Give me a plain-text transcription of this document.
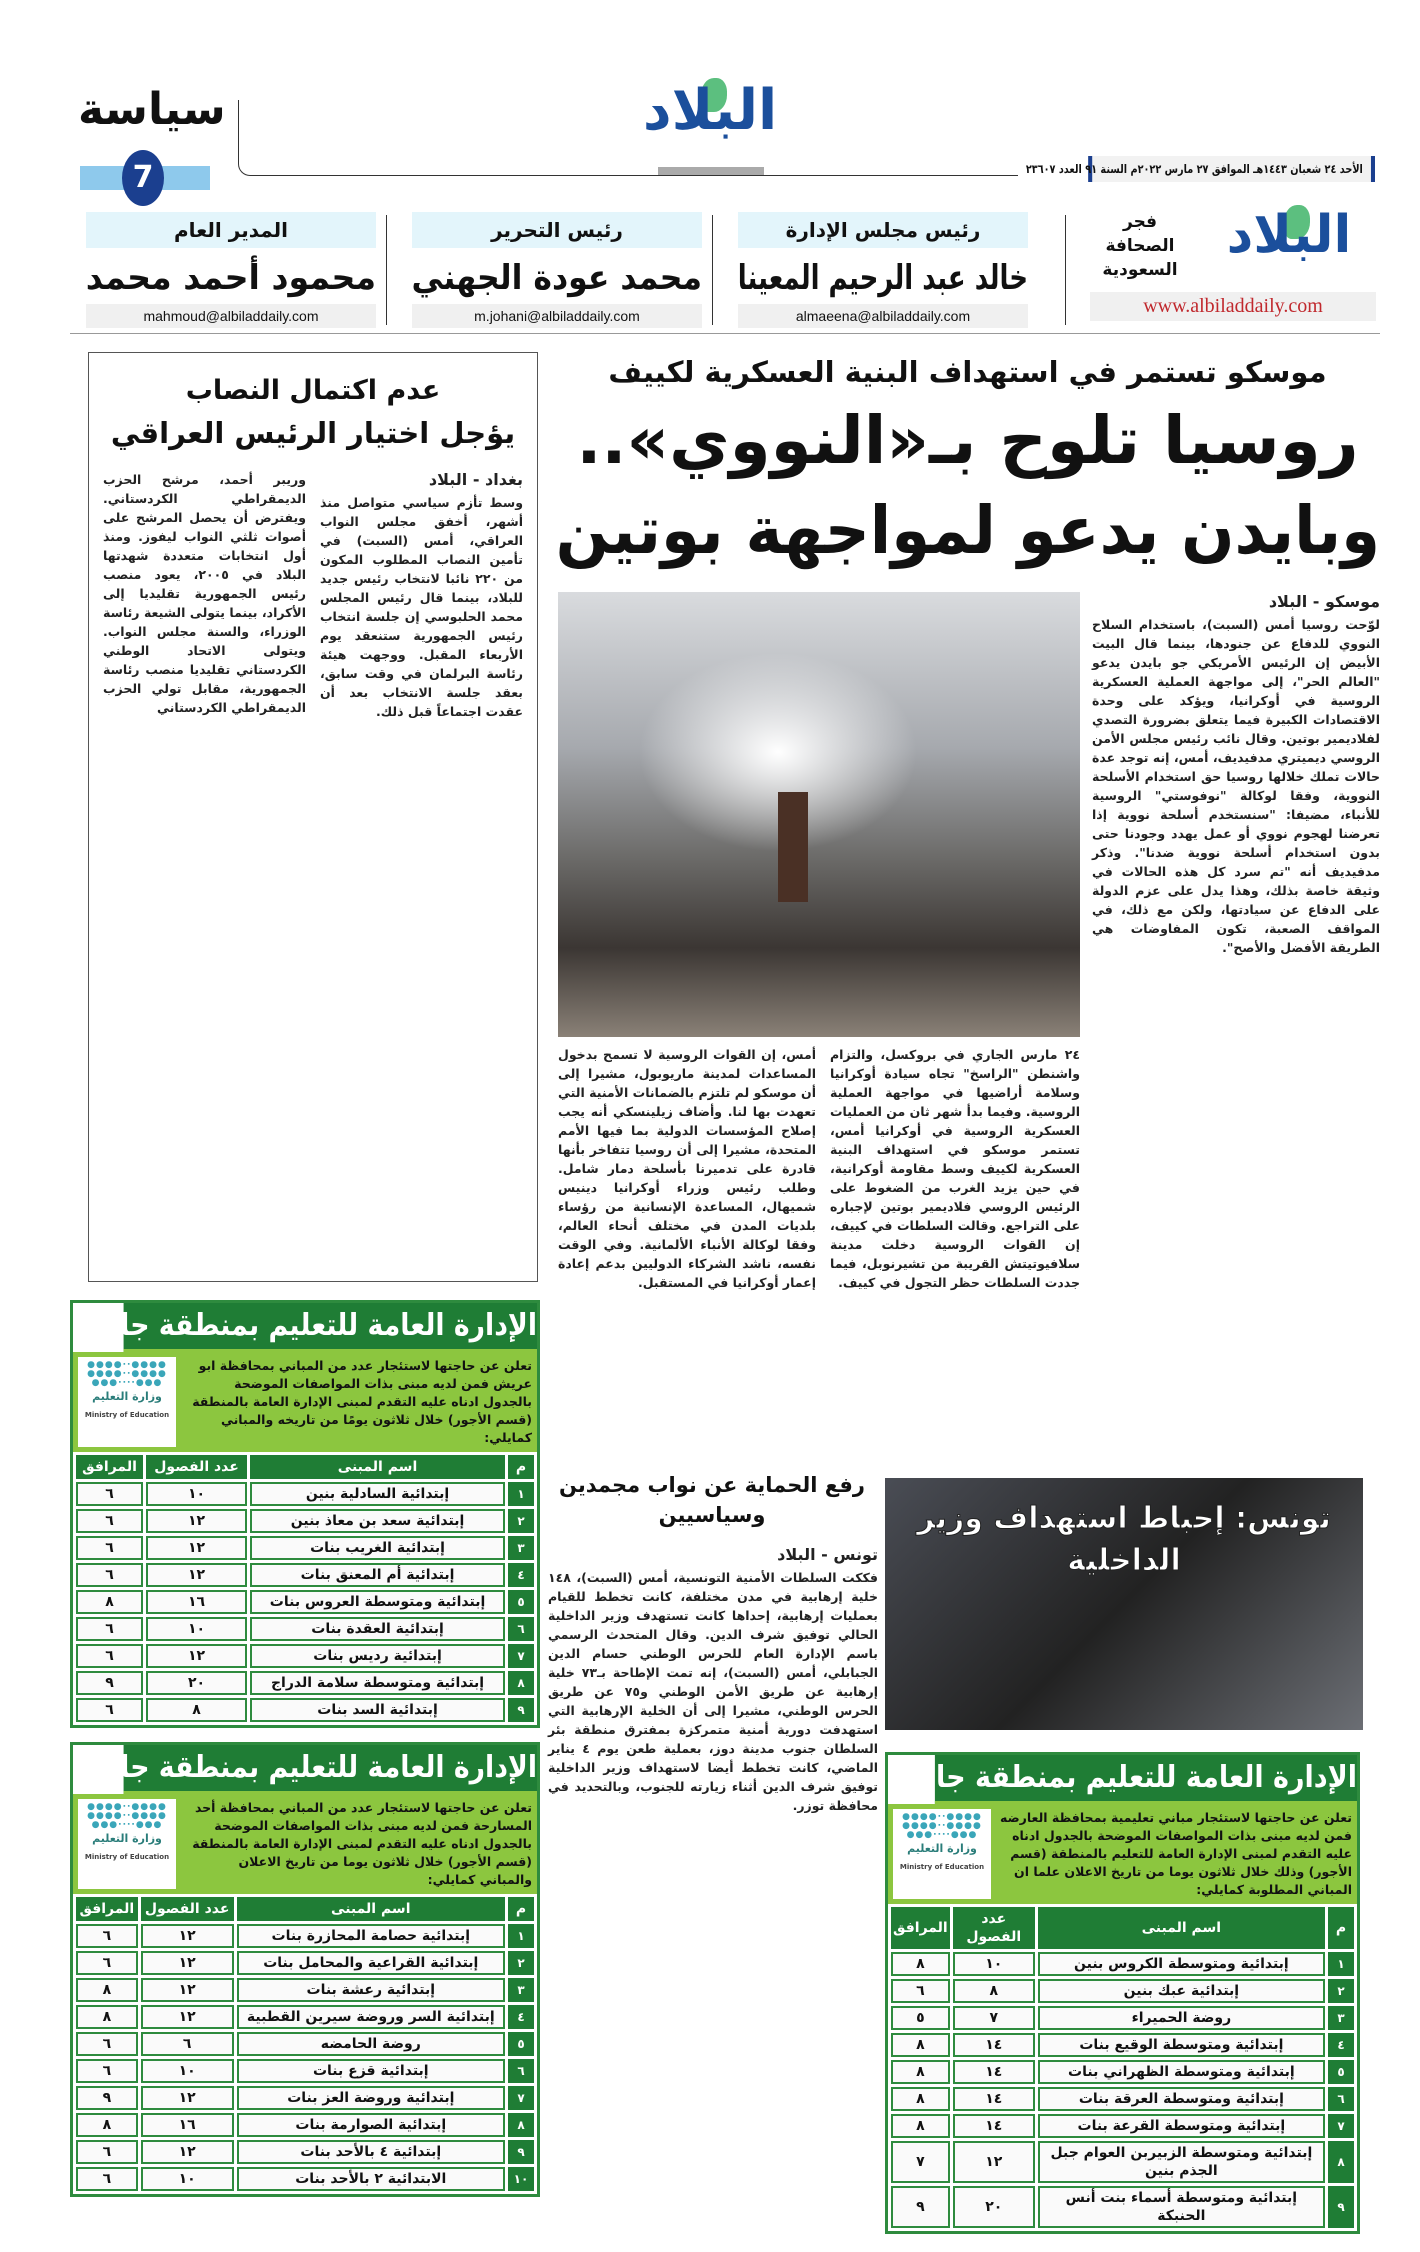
سياسة
7
البلاد
الأحد ٢٤ شعبان ١٤٤٣هـ الموافق ٢٧ مارس ٢٠٢٢م السنة ٩١ العدد ٢٣٦٠٧
البلاد
فجر
الصحافة
السعودية
www.albiladdaily.com
رئيس مجلس الإدارة
خالد عبد الرحيم المعينا
almaeena@albiladdaily.com
رئيس التحرير
محمد عودة الجهني
m.johani@albiladdaily.com
المدير العام
محمود أحمد محمد
mahmoud@albiladdaily.com
عدم اكتمال النصاب
يؤجل اختيار الرئيس العراقي
بغداد - البلاد

وسط تأزم سياسي متواصل منذ أشهر، أخفق مجلس النواب العراقي، أمس (السبت) في تأمين النصاب المطلوب المكون من ٢٢٠ نائبا لانتخاب رئيس جديد للبلاد، بينما قال رئيس المجلس محمد الحلبوسي إن جلسة انتخاب رئيس الجمهورية ستنعقد يوم الأربعاء المقبل. ووجهت هيئة رئاسة البرلمان في وقت سابق، بعقد جلسة الانتخاب بعد أن عقدت اجتماعاً قبل ذلك.

وريبر أحمد، مرشح الحزب الديمقراطي الكردستاني. ويفترض أن يحصل المرشح على أصوات ثلثي النواب ليفوز. ومنذ أول انتخابات متعددة شهدتها البلاد في ٢٠٠٥، يعود منصب رئيس الجمهورية تقليديا إلى الأكراد، بينما يتولى الشيعة رئاسة الوزراء، والسنة مجلس النواب. ويتولى الاتحاد الوطني الكردستاني تقليديا منصب رئاسة الجمهورية، مقابل تولي الحزب الديمقراطي الكردستاني

موسكو تستمر في استهداف البنية العسكرية لكييف
روسيا تلوح بـ«النووي»..
وبايدن يدعو لمواجهة بوتين
موسكو - البلاد

لوّحت روسيا أمس (السبت)، باستخدام السلاح النووي للدفاع عن جنودها، بينما قال البيت الأبيض إن الرئيس الأمريكي جو بايدن يدعو "العالم الحر"، إلى مواجهة العملية العسكرية الروسية في أوكرانيا، ويؤكد على وحدة الاقتصادات الكبيرة فيما يتعلق بضرورة التصدي لفلاديمير بوتين. وقال نائب رئيس مجلس الأمن الروسي ديميتري مدفيديف، أمس، إنه توجد عدة حالات تملك خلالها روسيا حق استخدام الأسلحة النووية، وفقا لوكالة "نوفوستي" الروسية للأنباء، مضيفا: "سنستخدم أسلحة نووية إذا تعرضنا لهجوم نووي أو عمل يهدد وجودنا حتى بدون استخدام أسلحة نووية ضدنا". وذكر مدفيديف أنه "تم سرد كل هذه الحالات في وثيقة خاصة بذلك، وهذا يدل على عزم الدولة على الدفاع عن سيادتها، ولكن مع ذلك، في المواقف الصعبة، تكون المفاوضات هي الطريقة الأفضل والأصح".

٢٤ مارس الجاري في بروكسل، والتزام واشنطن "الراسخ" تجاه سيادة أوكرانيا وسلامة أراضيها في مواجهة العملية الروسية. وفيما بدأ شهر ثان من العمليات العسكرية الروسية في أوكرانيا أمس، تستمر موسكو في استهداف البنية العسكرية لكييف وسط مقاومة أوكرانية، في حين يزيد الغرب من الضغوط على الرئيس الروسي فلاديمير بوتين لإجباره على التراجع. وقالت السلطات في كييف، إن القوات الروسية دخلت مدينة سلافيوتيتش القريبة من تشيرنوبل، فيما جددت السلطات حظر التجول في كييف.

أمس، إن القوات الروسية لا تسمح بدخول المساعدات لمدينة ماريوبول، مشيرا إلى أن موسكو لم تلتزم بالضمانات الأمنية التي تعهدت بها لنا. وأضاف زيلينسكي أنه يجب إصلاح المؤسسات الدولية بما فيها الأمم المتحدة، مشيرا إلى أن روسيا تتفاخر بأنها قادرة على تدميرنا بأسلحة دمار شامل. وطلب رئيس وزراء أوكرانيا دينيس شميهال، المساعدة الإنسانية من رؤساء بلديات المدن في مختلف أنحاء العالم، وفقا لوكالة الأنباء الألمانية. وفي الوقت نفسه، ناشد الشركاء الدوليين بدعم إعادة إعمار أوكرانيا في المستقبل.

رفع الحماية عن نواب مجمدين وسياسيين	تونس: إحباط استهداف وزير الداخلية
تونس - البلاد

فككت السلطات الأمنية التونسية، أمس (السبت)، ١٤٨ خلية إرهابية في مدن مختلفة، كانت تخطط للقيام بعمليات إرهابية، إحداها كانت تستهدف وزير الداخلية الحالي توفيق شرف الدين. وقال المتحدث الرسمي باسم الإدارة العام للحرس الوطني حسام الدين الجبابلي، أمس (السبت)، إنه تمت الإطاحة بـ٧٣ خلية إرهابية عن طريق الأمن الوطني و٧٥ عن طريق الحرس الوطني، مشيرا إلى أن الخلية الإرهابية التي استهدفت دورية أمنية متمركزة بمفترق منطقة بئر السلطان جنوب مدينة دوز، بعملية طعن يوم ٤ يناير الماضي، كانت تخطط أيضا لاستهداف وزير الداخلية توفيق شرف الدين أثناء زيارته للجنوب، وبالتحديد في محافظة توزر.

الإدارة العامة للتعليم بمنطقة جازان
تعلن عن حاجتها لاستئجار عدد من المباني بمحافظة ابو عريش فمن لديه مبنى بذات المواصفات الموضحة بالجدول ادناه عليه التقدم لمبنى الإدارة العامة بالمنطقة (قسم الأجور) خلال ثلاثون يومًا من تاريخه والمباني كمايلي:
●●●●∙∙●●●●
●●●●∙∙●●●●
●●●∙∙∙∙●●●
وزارة التعليم
Ministry of Education
م	اسم المبنى	عدد الفصول	المرافق
١	إبتدائية السادلية بنين	١٠	٦
٢	إبتدائية سعد بن معاذ بنين	١٢	٦
٣	إبتدائية الغريب بنات	١٢	٦
٤	إبتدائية أم المعنق بنات	١٢	٦
٥	إبتدائية ومتوسطة العروس بنات	١٦	٨
٦	إبتدائية العقدة بنات	١٠	٦
٧	إبتدائية رديس بنات	١٢	٦
٨	إبتدائية ومتوسطة سلامة الدراج	٢٠	٩
٩	إبتدائية السد بنات	٨	٦
الإدارة العامة للتعليم بمنطقة جازان
تعلن عن حاجتها لاستئجار عدد من المباني بمحافظة أحد المسارحة فمن لديه مبنى بذات المواصفات الموضحة بالجدول ادناه عليه التقدم لمبنى الإدارة العامة بالمنطقة (قسم الأجور) خلال ثلاثون يوما من تاريخ الاعلان والمباني كمايلي:
●●●●∙∙●●●●
●●●●∙∙●●●●
●●●∙∙∙∙●●●
وزارة التعليم
Ministry of Education
م	اسم المبنى	عدد الفصول	المرافق
١	إبتدائية حصامة المحازرة بنات	١٢	٦
٢	إبتدائية القراعية والمحامل بنات	١٢	٦
٣	إبتدائية رعشة بنات	١٢	٨
٤	إبتدائية السر وروضة سيرين القطبية	١٢	٨
٥	روضة الحامضه	٦	٦
٦	إبتدائية قزع بنات	١٠	٦
٧	إبتدائية وروضة العز بنات	١٢	٩
٨	إبتدائية الصوارمة بنات	١٦	٨
٩	إبتدائية ٤ بالأحد بنات	١٢	٦
١٠	الابتدائية ٢ بالأحد بنات	١٠	٦
الإدارة العامة للتعليم بمنطقة جازان
تعلن عن حاجتها لاستئجار مباني تعليمية بمحافظة العارضه فمن لديه مبنى بذات المواصفات الموضحة بالجدول ادناه عليه التقدم لمبنى الإدارة العامة للتعليم بالمنطقة (قسم الأجور) وذلك خلال ثلاثون يوما من تاريخ الاعلان علما ان المباني المطلوبة كمايلي:
●●●●∙∙●●●●
●●●●∙∙●●●●
●●●∙∙∙∙●●●
وزارة التعليم
Ministry of Education
م	اسم المبنى	عدد الفصول	المرافق
١	إبتدائية ومتوسطة الكروس بنين	١٠	٨
٢	إبتدائية عبك بنين	٨	٦
٣	روضة الحميراء	٧	٥
٤	إبتدائية ومتوسطة الوقيع بنات	١٤	٨
٥	إبتدائية ومتوسطة الظهراني بنات	١٤	٨
٦	إبتدائية ومتوسطة العرقة بنات	١٤	٨
٧	إبتدائية ومتوسطة القرعة بنات	١٤	٨
٨	إبتدائية ومتوسطة الزبيربن العوام جبل الجذم بنين	١٢	٧
٩	إبتدائية ومتوسطة أسماء بنت أنس الحنبكة	٢٠	٩
